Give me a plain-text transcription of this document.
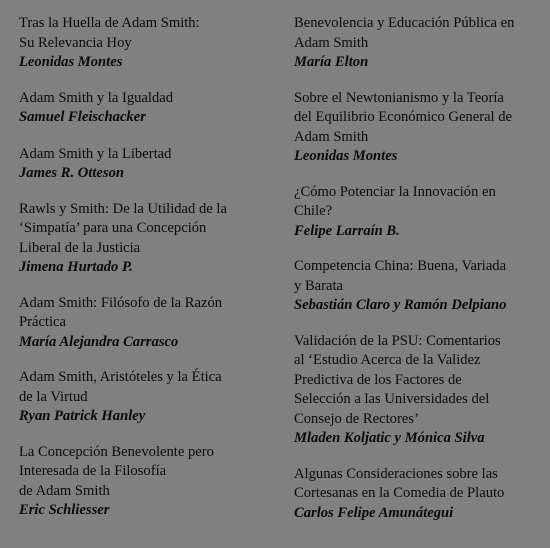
Tras la Huella de Adam Smith:
Su Relevancia Hoy
Leonidas Montes
Adam Smith y la Igualdad
Samuel Fleischacker
Adam Smith y la Libertad
James R. Otteson
Rawls y Smith: De la Utilidad de la
‘Simpatía’ para una Concepción
Liberal de la Justicia
Jimena Hurtado P.
Adam Smith: Filósofo de la Razón
Práctica
María Alejandra Carrasco
Adam Smith, Aristóteles y la Ética
de la Virtud
Ryan Patrick Hanley
La Concepción Benevolente pero
Interesada de la Filosofía
de Adam Smith
Eric Schliesser
Benevolencia y Educación Pública en
Adam Smith
María Elton
Sobre el Newtonianismo y la Teoría
del Equilibrio Económico General de
Adam Smith
Leonidas Montes
¿Cómo Potenciar la Innovación en
Chile?
Felipe Larraín B.
Competencia China: Buena, Variada
y Barata
Sebastián Claro y Ramón Delpiano
Validación de la PSU: Comentarios
al ‘Estudio Acerca de la Validez
Predictiva de los Factores de
Selección a las Universidades del
Consejo de Rectores’
Mladen Koljatic y Mónica Silva
Algunas Consideraciones sobre las
Cortesanas en la Comedia de Plauto
Carlos Felipe Amunátegui
